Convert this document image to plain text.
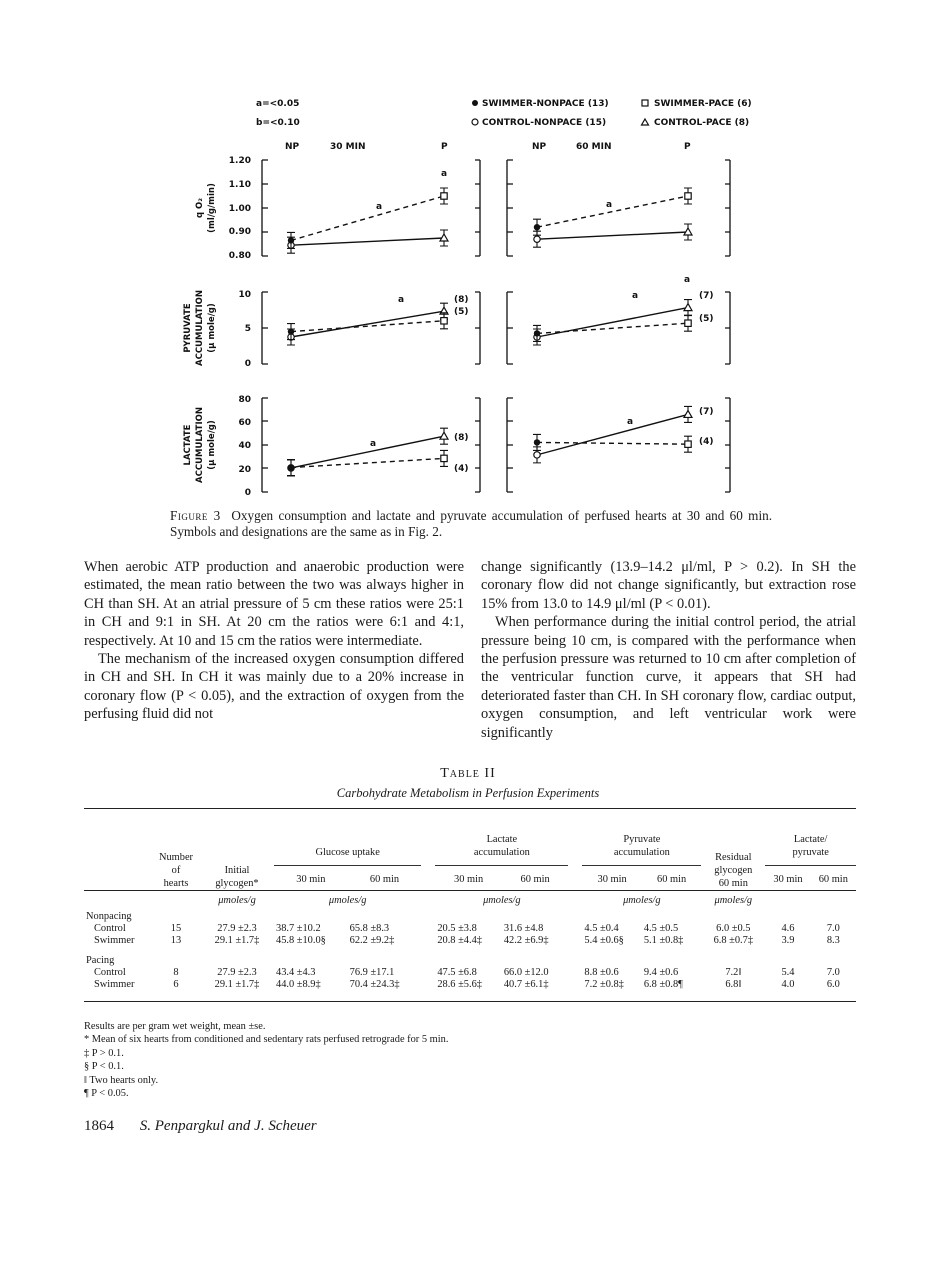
a=<0.05
b=<0.10
SWIMMER-NONPACE (13)
CONTROL-NONPACE (15)
SWIMMER-PACE (6)
CONTROL-PACE (8)
NP	30 MIN	P	NP	60 MIN	P
q O₂ (ml/g/min)
PYRUVATE ACCUMULATION (μ mole/g)
LACTATE ACCUMULATION (μ mole/g)
1.20
1.10
1.00
0.90
0.80
10
5
0
80
60
40
20
0
a
a
a
a	a
a
a
a
(8)
(5)
(7)
(5)
(8)
(4)
(7)
(4)
Figure 3 Oxygen consumption and lactate and pyruvate accumulation of perfused hearts at 30 and 60 min. Symbols and designations are the same as in Fig. 2.

When aerobic ATP production and anaerobic production were estimated, the mean ratio between the two was always higher in CH than SH. At an atrial pressure of 5 cm these ratios were 25:1 in CH and 9:1 in SH. At 20 cm the ratios were 6:1 and 4:1, respectively. At 10 and 15 cm the ratios were intermediate.

The mechanism of the increased oxygen consumption differed in CH and SH. In CH it was mainly due to a 20% increase in coronary flow (P < 0.05), and the extraction of oxygen from the perfusing fluid did not

change significantly (13.9–14.2 μl/ml, P > 0.2). In SH the coronary flow did not change significantly, but extraction rose 15% from 13.0 to 14.9 μl/ml (P < 0.01).

When performance during the initial control period, the atrial pressure being 10 cm, is compared with the performance when the perfusion pressure was returned to 10 cm after completion of the ventricular function curve, it appears that SH had deteriorated faster than CH. In SH coronary flow, cardiac output, oxygen consumption, and left ventricular work were significantly

Table II
Carbohydrate Metabolism in Perfusion Experiments

	Number
of
hearts	Initial
glycogen*	Glucose uptake			Lactate
accumulation			Pyruvate
accumulation		Residual
glycogen
60 min	Lactate/
pyruvate	

			30 min	60 min		30 min	60 min		30 min	60 min		30 min	60 min
		μmoles/g	μmoles/g			μmoles/g			μmoles/g		μmoles/g		
Nonpacing													
Control	15	27.9 ±2.3	38.7 ±10.2	65.8 ±8.3		20.5 ±3.8	31.6 ±4.8		4.5 ±0.4	4.5 ±0.5	6.0 ±0.5	4.6	7.0
Swimmer	13	29.1 ±1.7‡	45.8 ±10.0§	62.2 ±9.2‡		20.8 ±4.4‡	42.2 ±6.9‡		5.4 ±0.6§	5.1 ±0.8‡	6.8 ±0.7‡	3.9	8.3

Pacing													
Control	8	27.9 ±2.3	43.4 ±4.3	76.9 ±17.1		47.5 ±6.8	66.0 ±12.0		8.8 ±0.6	9.4 ±0.6	7.2‖	5.4	7.0
Swimmer	6	29.1 ±1.7‡	44.0 ±8.9‡	70.4 ±24.3‡		28.6 ±5.6‡	40.7 ±6.1‡		7.2 ±0.8‡	6.8 ±0.8¶	6.8‖	4.0	6.0
Results are per gram wet weight, mean ±se.
* Mean of six hearts from conditioned and sedentary rats perfused retrograde for 5 min.
‡ P > 0.1.
§ P < 0.1.
‖ Two hearts only.
¶ P < 0.05.
1864 S. Penpargkul and J. Scheuer
